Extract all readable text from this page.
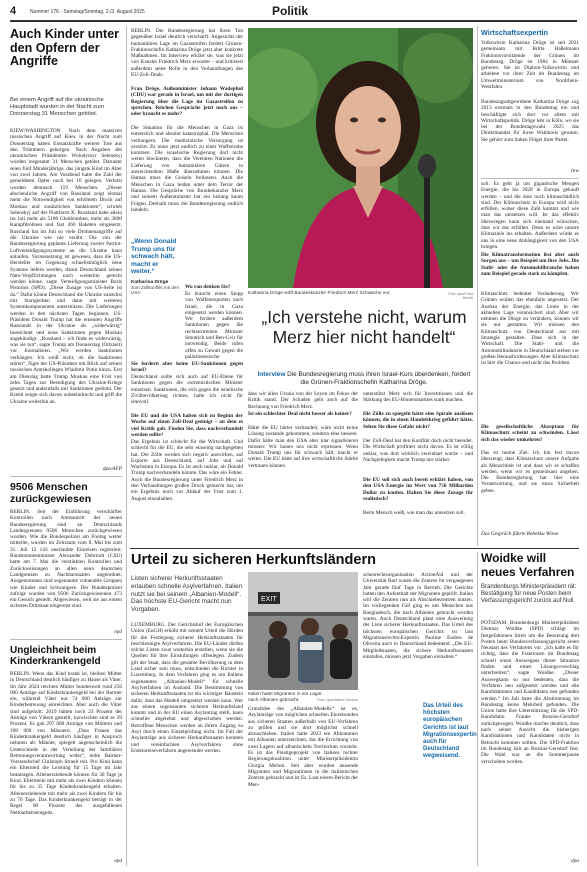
4	Nummer 176 · Samstag/Sonntag, 2./3. August 2025	Politik
Auch Kinder unter den Opfern der Angriffe
Bei einem Angriff auf die ukrainische Hauptstadt wurden in der Nacht zum Donnerstag 31 Menschen getötet.
KIEW/WASHINGTON. Nach dem massiven russischen Angriff auf Kiew in der Nacht zum Donnerstag haben Einsatzkräfte weitere Tote aus den Trümmern geborgen. Nach Angaben des ukrainischen Präsidenten Wolodymyr Selenskyj wurden insgesamt 31 Menschen getötet. Darunter seien fünf Minderjährige, das jüngste Kind im Alter von zwei Jahren. Am Vorabend hatte die Zahl der gemeldeten Opfer noch bei 16 gelegen. Verletzt wurden demnach 159 Menschen. „Dieser abscheuliche Angriff von Russland zeigt einmal mehr die Notwendigkeit von erhöhtem Druck auf Moskau und zusätzlichen Sanktionen“, schrieb Selenskyj auf der Plattform X. Russland habe allein im Juli mehr als 5100 Gleitbomben, mehr als 3800 Kampfdrohnen und fast 260 Raketen eingesetzt. Russland hat im Juli so viele Drohnenangriffe auf die Ukraine wie nie verübt. Die von der Bundesregierung geplante Lieferung zweier Patriot-Luftverteidigungssysteme an die Ukraine kann anlaufen. Voraussetzung ist gewesen, dass die US-Hersteller im Gegenzug schnellstmöglich neue Systeme liefern werden, damit Deutschland seinen Nato-Verpflichtungen nach weiterhin gerecht werden könne, sagte Verteidigungsminister Boris Pistorius (SPD). „Diese Zusage von US-Seite ist da.“ Dafür könne Deutschland die Ukraine zunächst mit Startgeräten und dann mit weiteren Systemkomponenten unterstützen. Die Lieferungen werden in den nächsten Tagen beginnen. US-Präsident Donald Trump hat die erneuten Angriffe Russlands in der Ukraine als „widerwärtig“ bezeichnet und neue Sanktionen gegen Moskau angekündigt. „Russland – ich finde es widerwärtig, was sie tun“, sagte Trump am Donnerstag (Ortszeit) vor Journalisten. „Wir werden Sanktionen verhängen. Ich weiß nicht, ob die Sanktionen stören“, fügte der US-Präsident mit Blick auf seinen russischen Amtskollegen Wladimir Putin hinzu. Erst am Dienstag hatte Trump Moskau eine Frist von zehn Tagen zur Beendigung des Ukraine-Kriegs gesetzt und andernfalls mit Sanktionen gedroht. Der Kreml zeigte sich davon unbeeindruckt und griff die Ukraine weiterhin an.
dpa/AFP
9506 Menschen zurückgewiesen
BERLIN. Seit der Einführung verschärfter Kontrollen nach Amtsantritt der neuen Bundesregierung sind an Deutschlands Landesgrenzen 9506 Menschen zurückgewiesen worden. Wie die Bundespolizei am Freitag weiter mitteilte, wurden im Zeitraum vom 8. Mai bis zum 31. Juli 12 143 unerlaubte Einreisen registriert. Bundesinnenminister Alexander Dobrindt (CSU) hatte am 7. Mai die verstärkten Kontrollen und Zurückweisungen an allen neun deutschen Landgrenzen zu Nachbarstaaten angeordnet. Ausgenommen sind sogenannte vulnerable Gruppen wie Kinder und Schwangere. Der Bundespolizei zufolge wurden von 9506 Zurückgewiesenen 473 ein Gesuch gestellt. Abgewiesen, weil sie aus einem sicheren Drittstaat eingereist sind.
epd
Ungleichheit beim Kinderkrankengeld
BERLIN. Wenn das Kind krank ist, bleiben Mütter in Deutschland deutlich häufiger zu Hause als Väter. Im Jahr 2024 reichten Mütter bundesweit rund 256 000 Anträge auf Kinderkrankengeld bei der Barmer ein, während Väter nur 74 000 Anträge zur Kinderbetreuung einreichten. Aber auch die Väter sind aufgeholt: 2019 hätten noch 23 Prozent der Anträge von Vätern gestellt, inzwischen sind es 29 Prozent. Es gab 297 000 Anträge von Müttern und 108 000 von Männern. „Dass Frauen das Kinderkrankengeld deutlich häufiger in Anspruch nehmen als Männer, spiegelt augenscheinlich die Unterschiede in der Verteilung der familiären Betreuungsverantwortung wider“, teilte Barmer-Vorstandschef Christoph Straub mit. Pro Kind kann ein Elternteil die Leistung für 15 Tage im Jahr beantragen. Alleinerziehende können für 30 Tage je Kind. Elternteile mit mehr als zwei Kindern können für bis zu 35 Tage Kinderkrankengeld erhalten. Alleinerziehende mit mehr als zwei Kindern für bis zu 70 Tage. Das Kinderkrankengeld beträgt in der Regel 90 Prozent des ausgefallenen Nettoarbeitsentgelts.
epd
BERLIN. Die Bundesregierung hat ihren Ton gegenüber Israel deutlich verschärft. Angesichts der humanitären Lage im Gazastreifen fordert Grünen-Fraktionschefin Katharina Dröge jetzt aber konkrete Maßnahmen. Im Interview erklärt sie, was sie jetzt von Kanzler Friedrich Merz erwartet – und kritisiert außerdem seine Rolle in den Verhandlungen des EU-Zoll-Deals.
Frau Dröge, Außenminister Johann Wadephul (CDU) war gerade in Israel, um mit der dortigen Regierung über die Lage im Gazastreifen zu sprechen. Reichen Gespräche jetzt noch aus – oder braucht es mehr?
Die Situation für die Menschen in Gaza ist entsetzlich und absolut katastrophal. Die Menschen verhungern. Die medizinische Versorgung ist zerstört. Es muss jetzt endlich zu einer Waffenruhe kommen. Die israelische Regierung darf nicht weiter blockieren, dass die Vereinten Nationen die Lieferung von humanitären Gütern in ausreichendem Maße übernehmen können. Die Hamas muss die Geiseln freilassen. Auch die Menschen in Gaza leiden unter dem Terror der Hamas. Die Gespräche von Bundeskanzler Merz und seinem Außenminister hat ein bislang kaum Folgen. Deshalb muss die Bundesregierung endlich handeln.
„Wenn Donald Trump uns für schwach hält, macht er weiter.“
Katharina Dröge
zum Zollkonflikt mit den USA
Wo ran denken Sie?
Es braucht einen Stopp von Waffenexporten nach Israel, die in Gaza eingesetzt werden können. Wir fordern außerdem Sanktionen gegen die rechtsextremen Minister Smotrich und Ben-Gvir für notwendig. Beide rufen offen zu Gewalt gegen die palästinensische
Sie fordern aber keine EU-Sanktionen gegen Israel?
Deutschland sollte sich auch auf EU-Ebene für Sanktionen gegen die extremistischen Minister einsetzen. Sanktionen, die sich gegen die israelische Zivilbevölkerung richten, halte ich nicht für sinnvoll.
Die EU und die USA haben sich zu Beginn der Woche auf einen Zoll-Deal geeinigt – an dem es viel Kritik gab. Finden Sie, dass nachverhandelt werden sollte?
Das Ergebnis ist schlecht für die Wirtschaft. Und schlecht für die EU, die sehr einseitig nachgegeben hat. Die Zölle werden sich negativ auswirken, auf Exporte aus Deutschland, auf Jobs und auf Wachstum in Europa. Es ist auch unklar, ob Donald Trump nachverhandeln könnte. Das wäre ein Fehler. Auch die Bundesregierung unter Friedrich Merz in den Verhandlungen großen Druck gemacht hat, um ein Ergebnis noch vor Ablauf der Frist zum 1. August einzuhalten.
Katharina Dröge wirft Bundeskanzler Friedrich Merz Schwäche vor.	Foto: dpa/Carla Benkö
„Ich verstehe nicht, warum Merz hier nicht handelt“
Interview Die Bundesregierung muss ihren Israel-Kurs überdenken, fordert die Grünen-Fraktionschefin Katharina Dröge.
dass wir allen Ursula von der Leyen im Fokus der Kritik stand. Der Schaden geht auch auf die Rechnung von Friedrich Merz.
Ist ein schlechter Deal nicht besser als keiner?
Hätte die EU härter verhandelt, wäre nicht keine Lösung zustande gekommen, sondern eine bessere. Dafür hätte man den USA aber klar signalisieren müssen: Wir lassen uns nicht erpressen. Wenn Donald Trump uns für schwach hält, macht er weiter. Die EU hätte auf ihre wirtschaftliche Stärke vertrauen können.
unterstützt Merz sich für Investitionen und die Stärkung des EU-Binnenmarktes stark machen.
Die Zölle zu spiegeln hätte eine Spirale auslösen können, die in einen Handelskrieg geführt hätte. Sehen Sie diese Gefahr nicht?
Der Zoll-Deal hat den Konflikt doch nicht beendet. Die Wirtschaft profitiert nicht davon. Es ist völlig unklar, was dort wirklich vereinbart wurde – und Nachgiebigkeit macht Trump nur stärker.
Die EU soll sich auch bereit erklärt haben, von den USA Energie im Wert von 750 Milliarden Dollar zu kaufen. Halten Sie diese Zusage für realistisch?
Beim Mensch weiß, wie man das umsetzen soll.
Wirtschaftsexpertin
Volkswirtin Katharina Dröge ist seit 2021 gemeinsam mit Britta Haßelmann Fraktionsvorsitzende der Grünen im Bundestag. Dröge ist 1984 in Münster geboren. Sie ist Diplom-Volkswirtin und arbeitete vor ihrer Zeit im Bundestag im Umweltministerium von Nordrhein-Westfalen.
Bundestagsabgeordnete Katharina Dröge zog 2013 erstmals in den Bundestag ein und beschäftigte sich dort vor allem mit Wirtschaftspolitik. Dröge lebt in Köln, wo sie bei der Bundestagswahl 2025 das Direktmandat für ihren Wahlkreis gewann. Sie gehört zum linken Flügel ihrer Partei.
rnw
soll. Es geht ja um gigantische Mengen Energie, die bis 2028 in Europa gekauft werden – und die dass noch klimaschädlich sind. Der Klimaschutz in Europa wird nicht erfüllen, woher diese Zahl kommt und wie man das umsetzen will. Ist das effektiv überwiegen kann sich niemand wünschen, dass wir das erfüllen. Denn es wäre unsere Klimaziele ins erhalten. Außerdem würde es uns in eine neue Abhängigkeit von den USA bringen.
Die Klimatransformation löst aber auch Sorgen aus – um Beispiel um ihre Jobs. Die Stahl- oder die Automobilbranche haben zum Beispiel gerade stark zu kämpfen.
Klimaschutz bedeutet Veränderung. Wir Grünen wollen das ebenfalls angesetzt. Der Ausbau der Energie, das Leute in der aktuellen Lage verunsichert sind. Aber wir nehmen die Dinge zu verändern, können wir sie nur gestalten. Wir müssen den Klimaschutz von Deutschland aus mit Strategie gestalten. Dass sich in der Wirtschaft. Die Stahl- und die Automobilindustrie in Deutschland stehen vor großen Herausforderungen. Aber Klimaschutz ist hier die Chance und nicht das Problem.
Die gesellschaftliche Akzeptanz für Klimaschutz scheint zu schwinden. Lässt sich das wieder umkehren?
Das ist meine Ziel. Ich bin fest davon überzeugt, dass Klimaschutz unsere Aufgabe als Menschheit ist und dass wir es schaffen werden, wenn wir es gemeinsam angehen. Die Bundesregierung hat hier eine Verantwortung, und sie muss Sicherheit geben.
Das Gespräch führte Rebekka Wiese.
Urteil zu sicheren Herkunftsländern
Listen sicherer Herkunftsstaaten erlauben schnelle Asylverfahren. Italien nutzt sie bei seinem „Albanien-Modell“. Das höchste EU-Gericht macht nun Vorgaben.
LUXEMBURG. Der Gerichtshof der Europäischen Union (EuGH) erhöht mit seinem Urteil die Hürden für die Festlegung sicherer Herkunftsstaaten für beschleunigte Asylverfahren. Die EU-Länder dürfen solche Listen zwar weiterhin erstellen, wenn sie die Quellen für ihre Einstufungen offenlegen. Zudem gilt der Staat, dass die gesamte Bevölkerung in dem Land sicher sein muss, entschieden die Richter in Luxemburg. In dem Verfahren ging es um Italiens sogenanntes „Albanien-Modell“ für schnelle Asylverfahren im Ausland. Die Bestimmung von sicheren Herkunftsstaaten ist ein wichtiger Baustein dafür, dass das Modell umgesetzt werden kann. Wer aus einem sogenannten sicheren Herkunftsland kommt und in der EU einen Asylantrag stellt, kann schneller abgelehnt und abgeschoben werden. Betroffene Menschen werden an ihrem Zugang zu Asyl durch einen Einzelprüfung nicht. Im Fall der Asylanträge aus sicheren Herkunftsstaaten konnten und vereinfachten Asylverfahren ohne Ersteinreiseverfahren angewendet werden.
EXIT
Italien hatte Migranten in ein Lager nach Albanien gebracht.	Foto: dpa/Valerio Nicolosi
Grundidee des „Albanien-Modells“ ist es, Asylanträge von möglichen schnellen Einreisenden aus sicheren Staaten außerhalb von EU-Verfahren zu prüfen und sie dort möglichst schnell abzuschieben. Italien hatte 2023 ein Abkommen mit Albanien unterzeichnet, das die Errichtung von zwei Lagern auf albanischem Territorium vorsieht. Es ist das Prestigeprojekt von Italiens rechter Regierungskoalition unter Ministerpräsidentin Giorgia Meloni. Seit aber wurden tausende Migranten und Migrantinnen in die italienischen Zentren gebracht und ist Es. Laut einem Bericht der Men-
schenrechtsorganisation ActionAid und der Universität Bari waren die Zentren im vergangenen Jahr gerade fünf Tage in Betrieb. Die Gerichte hatten den Aufenthalt der Migranten geprüft. Italien will die Zentren nun als Abschiebezentren nutzen. Im vorliegenden Fall ging es um Menschen aus Bangladesch, die nach Albanien gebracht worden waren. Auch Deutschland plant eine Ausweitung der Liste sicherer Herkunftsstaaten. Das Urteil des höchsten europäischen Gerichts ist laut Migrationsrechts-Expertin Pauline Endres de Oliveira auch in Deutschland bedeutend. „Die EU-Mitgliedstaaten, die sichere Herkunftsstaaten einstufen, müssen jetzt Vorgaben einhalten.“
Das Urteil des höchsten europäischen Gerichts ist laut Migrationsexpertin auch für Deutschland wegweisend.
Woidke will neues Verfahren
Brandenburgs Ministerpräsident rät: Bestätigung für neue Posten beim Verfassungsgericht zurück auf Null.
POTSDAM. Brandenburgs Ministerpräsident Dietmar Woidke (SPD) schlägt im festgefahrenen Streit um die Besetzung drei Posten beim Bundesverfassungsgericht einen Neustart des Verfahrens vor. „Ich halte es für richtig, dass die Fraktionen im Bundestag schnell einen Auswegaus dieser Situation finden und einen Lösungsvorschlag unterbreiten“, sagte Woidke. „Dieser Auswegkann so nur bedeuten, dass die Verfahren neu aufgesetzt werden und alle Kandidatinnen und Kandidaten neu gefunden werden.“ Im Juli hatte die Abstimmung im Bundestag keine Mehrheit gefunden. Die Union hatte ihre Unterstützung für die SPD-Kandidatin Frauke Brosius-Gersdorf zurückgezogen. Woidke machte deutlich, dass nach seiner Ansicht die bisherigen Kandidatinnen und Kandidaten nicht in Betracht kommen sollten. Die SPD-Fraktion im Bundestag hält an Brosius-Gersdorf fest. Die Wahl war an die Sommerpause verschoben worden.
dpa
